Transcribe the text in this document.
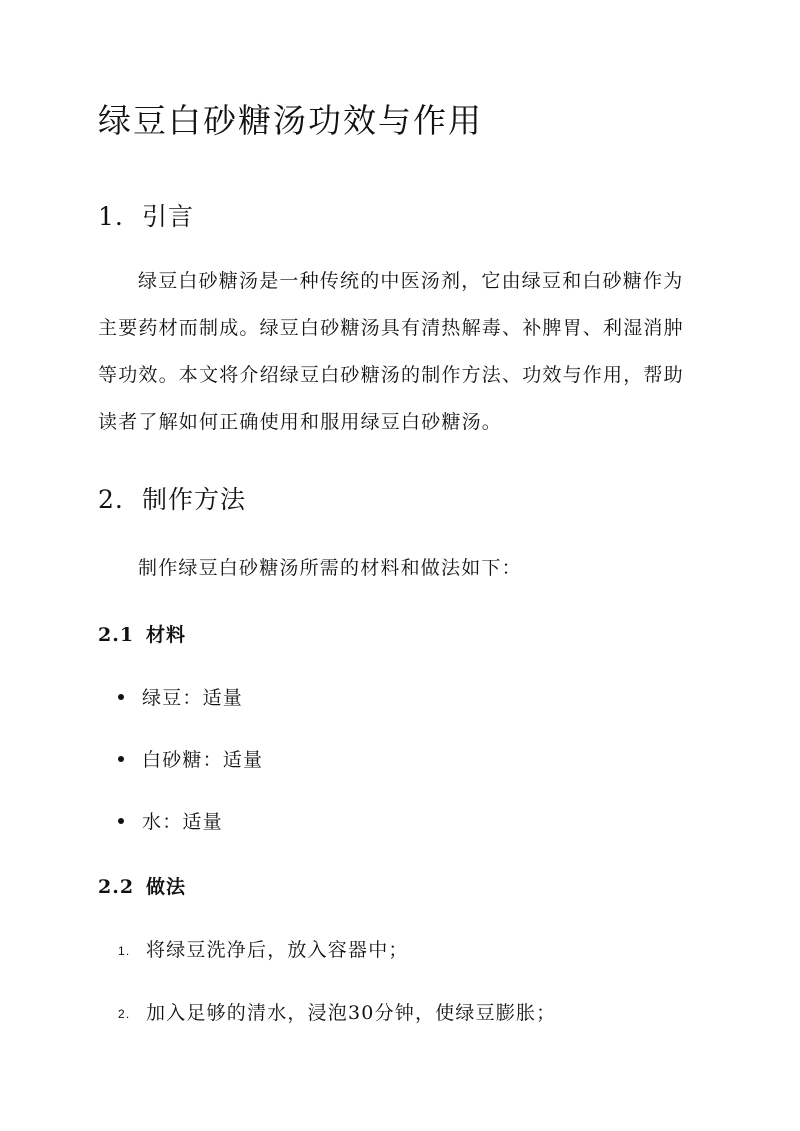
绿豆白砂糖汤功效与作用
1. 引言
绿豆白砂糖汤是一种传统的中医汤剂，它由绿豆和白砂糖作为
主要药材而制成。绿豆白砂糖汤具有清热解毒、补脾胃、利湿消肿
等功效。本文将介绍绿豆白砂糖汤的制作方法、功效与作用，帮助
读者了解如何正确使用和服用绿豆白砂糖汤。
2. 制作方法

制作绿豆白砂糖汤所需的材料和做法如下：

2.1 材料
绿豆：适量
白砂糖：适量
水：适量
2.2 做法
1. 将绿豆洗净后，放入容器中；
2. 加入足够的清水，浸泡30分钟，使绿豆膨胀；
